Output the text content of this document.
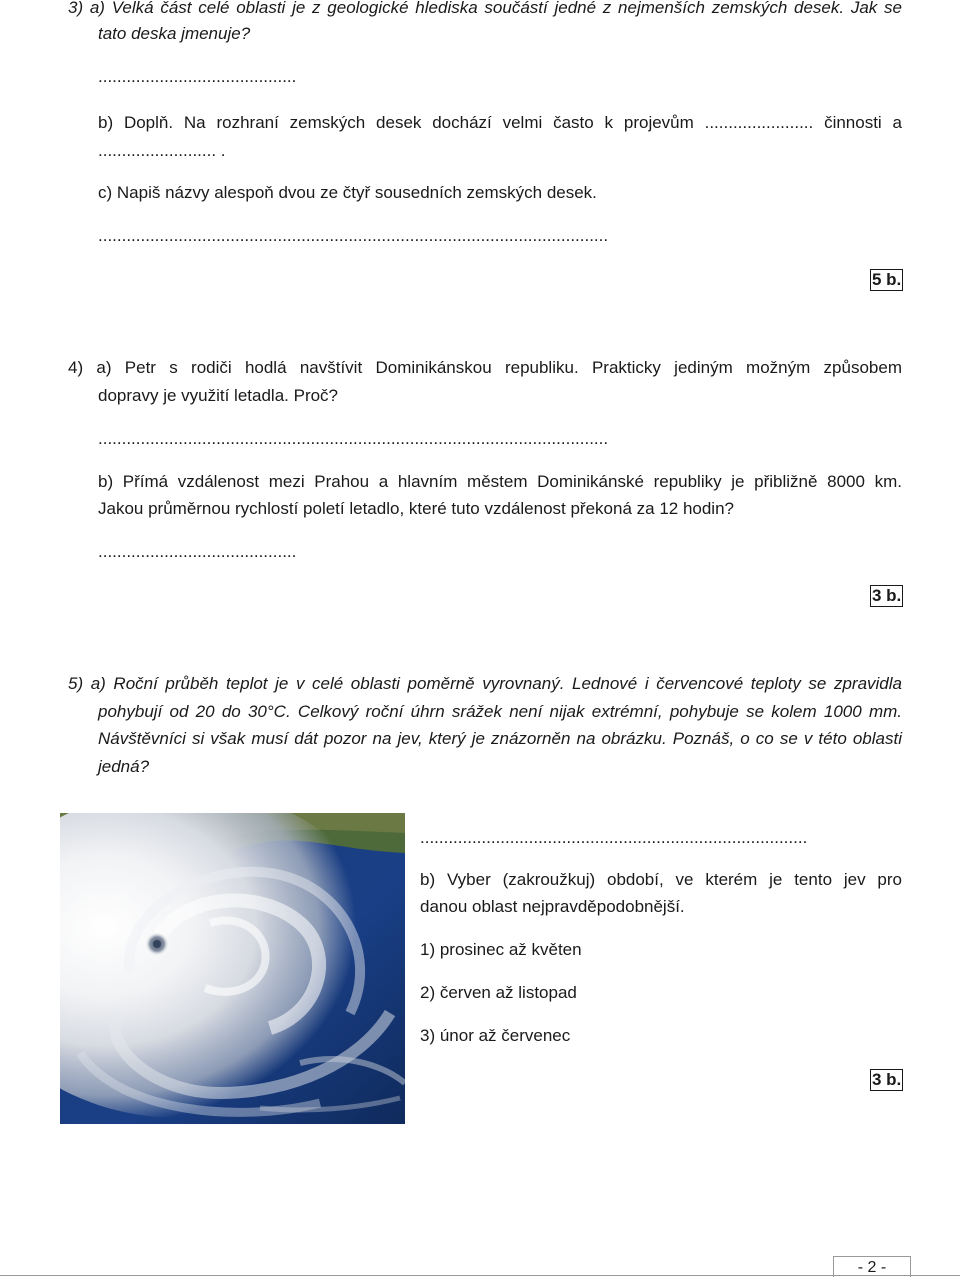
3) a) Velká část celé oblasti je z geologické hlediska součástí jedné z nejmenších zemských desek. Jak se
tato deska jmenuje?
..........................................
b) Doplň. Na rozhraní zemských desek dochází velmi často k projevům ....................... činnosti a
......................... .
c) Napiš názvy alespoň dvou ze čtyř sousedních zemských desek.
............................................................................................................
5 b.
4) a) Petr s rodiči hodlá navštívit Dominikánskou republiku. Prakticky jediným možným způsobem
dopravy je využití letadla. Proč?
............................................................................................................
b) Přímá vzdálenost mezi Prahou a hlavním městem Dominikánské republiky je přibližně 8000 km.
Jakou průměrnou rychlostí poletí letadlo, které tuto vzdálenost překoná za 12 hodin?
..........................................
3 b.
5) a) Roční průběh teplot je v celé oblasti poměrně vyrovnaný. Lednové i červencové teploty se zpravidla
pohybují od 20 do 30°C. Celkový roční úhrn srážek není nijak extrémní, pohybuje se kolem 1000 mm.
Návštěvníci si však musí dát pozor na jev, který je znázorněn na obrázku. Poznáš, o co se v této oblasti
jedná?
..................................................................................
b) Vyber (zakroužkuj) období, ve kterém je tento jev pro
danou oblast nejpravděpodobnější.
1) prosinec až květen
2) červen až listopad
3) únor až červenec
3 b.
- 2 -
